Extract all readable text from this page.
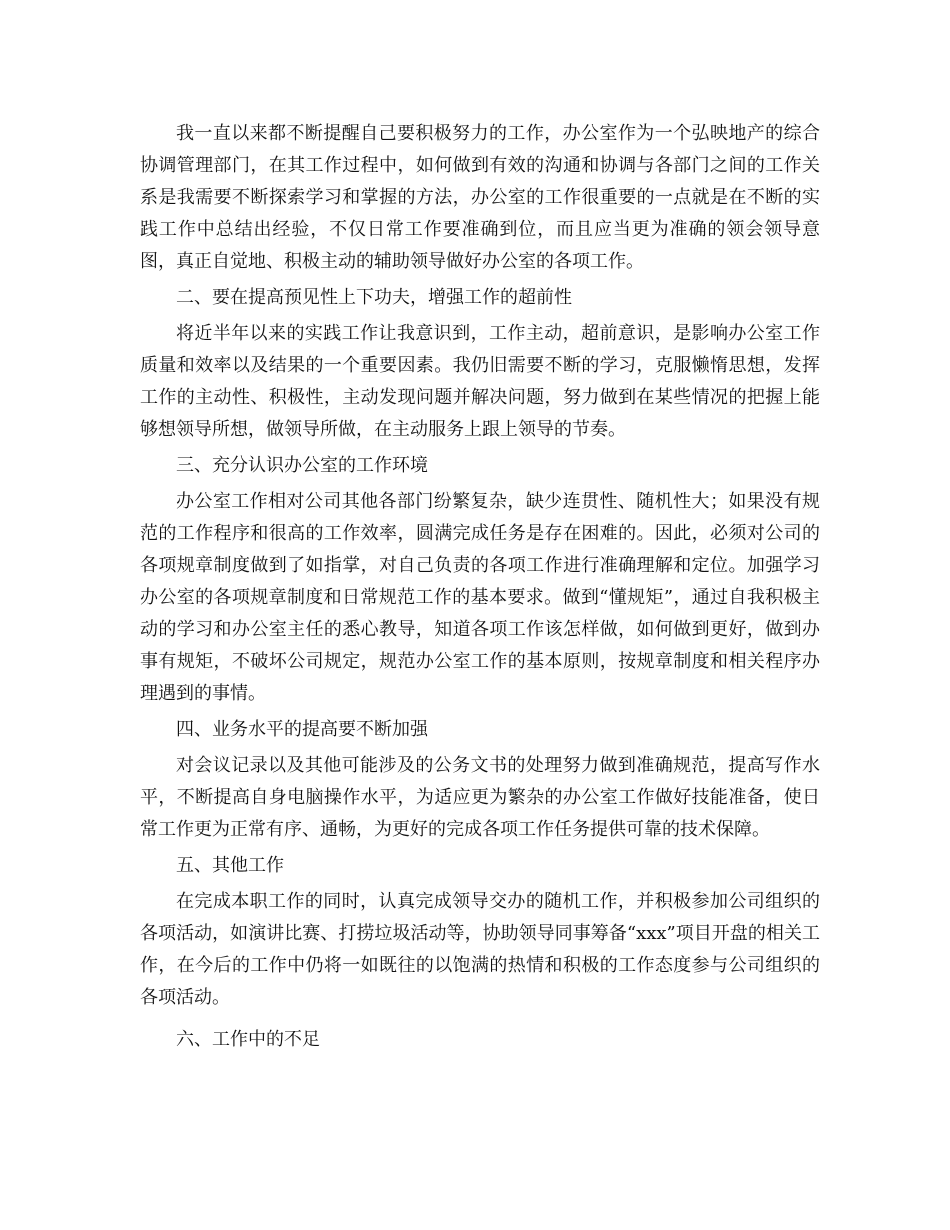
我一直以来都不断提醒自己要积极努力的工作，办公室作为一个弘映地产的综合协调管理部门，在其工作过程中，如何做到有效的沟通和协调与各部门之间的工作关系是我需要不断探索学习和掌握的方法，办公室的工作很重要的一点就是在不断的实践工作中总结出经验，不仅日常工作要准确到位，而且应当更为准确的领会领导意图，真正自觉地、积极主动的辅助领导做好办公室的各项工作。

二、要在提高预见性上下功夫，增强工作的超前性

将近半年以来的实践工作让我意识到，工作主动，超前意识，是影响办公室工作质量和效率以及结果的一个重要因素。我仍旧需要不断的学习，克服懒惰思想，发挥工作的主动性、积极性，主动发现问题并解决问题，努力做到在某些情况的把握上能够想领导所想，做领导所做，在主动服务上跟上领导的节奏。

三、充分认识办公室的工作环境

办公室工作相对公司其他各部门纷繁复杂，缺少连贯性、随机性大；如果没有规范的工作程序和很高的工作效率，圆满完成任务是存在困难的。因此，必须对公司的各项规章制度做到了如指掌，对自己负责的各项工作进行准确理解和定位。加强学习办公室的各项规章制度和日常规范工作的基本要求。做到“懂规矩”，通过自我积极主动的学习和办公室主任的悉心教导，知道各项工作该怎样做，如何做到更好，做到办事有规矩，不破坏公司规定，规范办公室工作的基本原则，按规章制度和相关程序办理遇到的事情。

四、业务水平的提高要不断加强

对会议记录以及其他可能涉及的公务文书的处理努力做到准确规范，提高写作水平，不断提高自身电脑操作水平，为适应更为繁杂的办公室工作做好技能准备，使日常工作更为正常有序、通畅，为更好的完成各项工作任务提供可靠的技术保障。

五、其他工作

在完成本职工作的同时，认真完成领导交办的随机工作，并积极参加公司组织的各项活动，如演讲比赛、打捞垃圾活动等，协助领导同事筹备“xxx”项目开盘的相关工作，在今后的工作中仍将一如既往的以饱满的热情和积极的工作态度参与公司组织的各项活动。

六、工作中的不足
